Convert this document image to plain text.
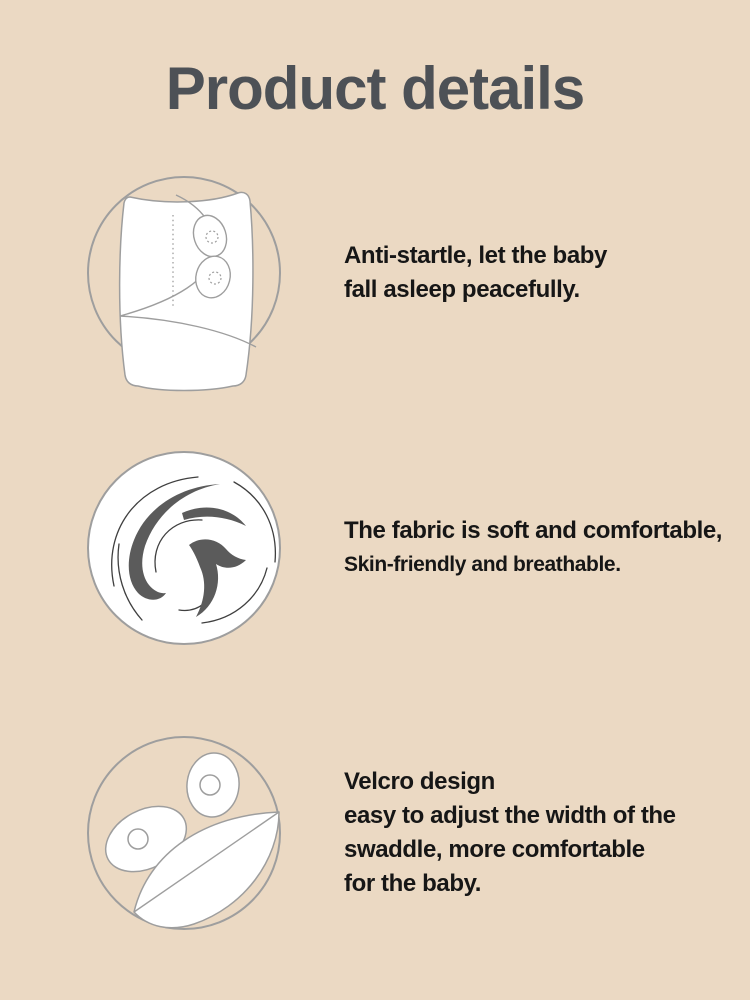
Product details
Anti-startle, let the baby
fall asleep peacefully.
The fabric is soft and comfortable,
Skin-friendly and breathable.
Velcro design
easy to adjust the width of the
swaddle, more comfortable
for the baby.
